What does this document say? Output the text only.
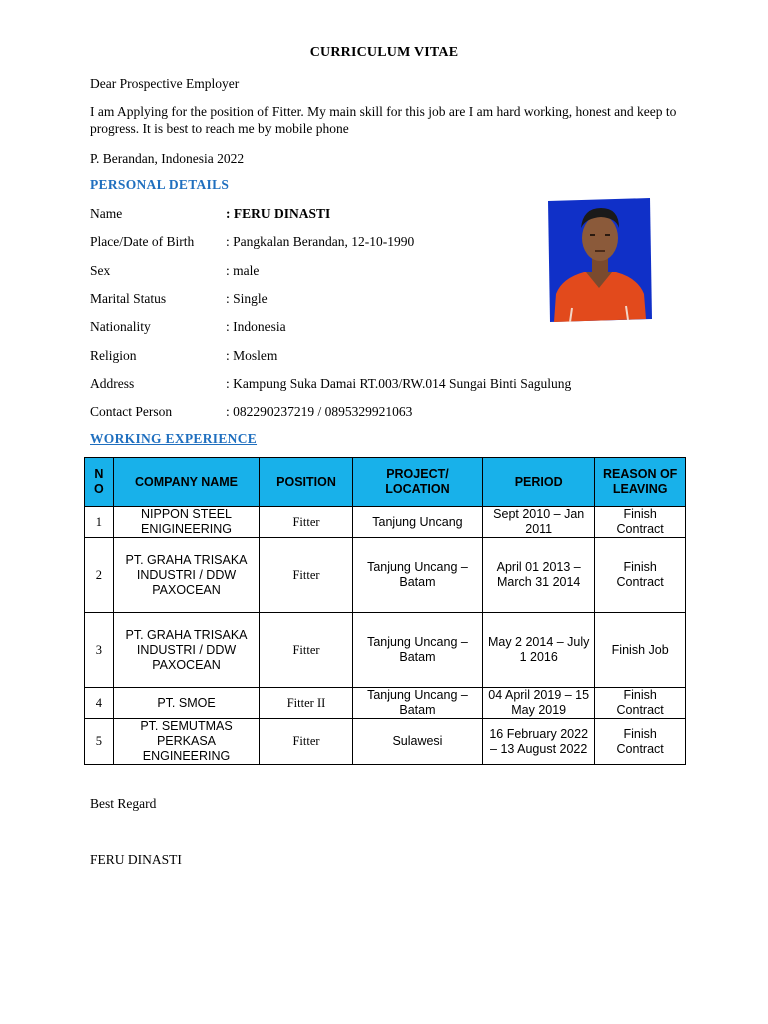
CURRICULUM VITAE
Dear Prospective Employer
I am Applying for the position of Fitter. My main skill for this job are I am hard working, honest and keep to progress. It is best to reach me by mobile phone
P. Berandan, Indonesia 2022
PERSONAL DETAILS
Name	: FERU DINASTI
Place/Date of Birth : Pangkalan Berandan, 12-10-1990
Sex	: male
Marital Status	: Single
Nationality	: Indonesia
Religion	: Moslem
Address	: Kampung Suka Damai RT.003/RW.014 Sungai Binti Sagulung
Contact Person	: 082290237219 / 0895329921063
WORKING EXPERIENCE
N O	COMPANY NAME	POSITION	PROJECT/ LOCATION	PERIOD	REASON OF LEAVING
1	NIPPON STEEL ENIGINEERING	Fitter	Tanjung Uncang	Sept 2010 – Jan 2011	Finish Contract
2	PT. GRAHA TRISAKA INDUSTRI / DDW PAXOCEAN	Fitter	Tanjung Uncang – Batam	April 01 2013 – March 31 2014	Finish Contract
3	PT. GRAHA TRISAKA INDUSTRI / DDW PAXOCEAN	Fitter	Tanjung Uncang – Batam	May 2 2014 – July 1 2016	Finish Job
4	PT. SMOE	Fitter II	Tanjung Uncang – Batam	04 April 2019 – 15 May 2019	Finish Contract
5	PT. SEMUTMAS PERKASA ENGINEERING	Fitter	Sulawesi	16 February 2022 – 13 August 2022	Finish Contract
Best Regard
FERU DINASTI
